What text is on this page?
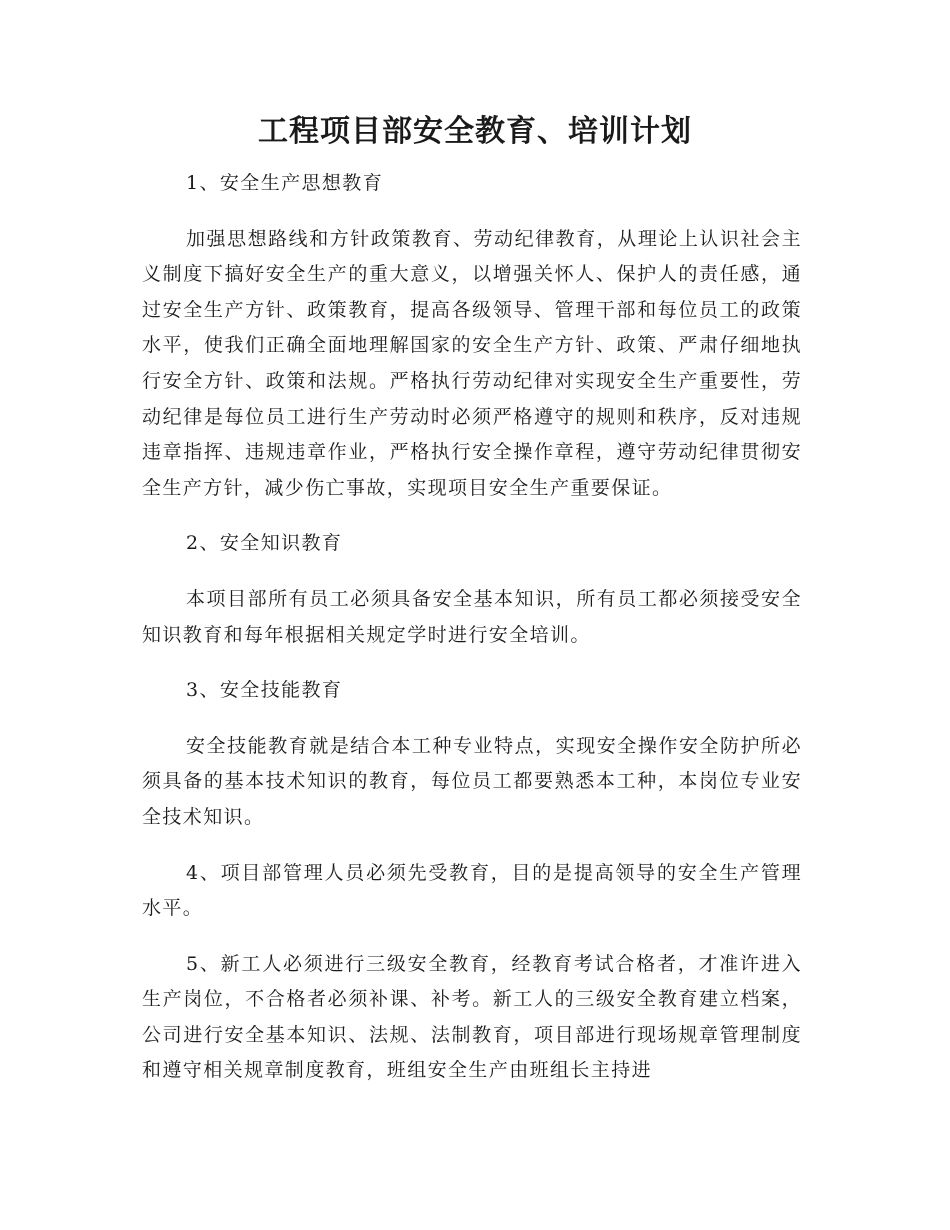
工程项目部安全教育、培训计划

1、安全生产思想教育

加强思想路线和方针政策教育、劳动纪律教育，从理论上认识社会主义制度下搞好安全生产的重大意义，以增强关怀人、保护人的责任感，通过安全生产方针、政策教育，提高各级领导、管理干部和每位员工的政策水平，使我们正确全面地理解国家的安全生产方针、政策、严肃仔细地执行安全方针、政策和法规。严格执行劳动纪律对实现安全生产重要性，劳动纪律是每位员工进行生产劳动时必须严格遵守的规则和秩序，反对违规违章指挥、违规违章作业，严格执行安全操作章程，遵守劳动纪律贯彻安全生产方针，减少伤亡事故，实现项目安全生产重要保证。

2、安全知识教育

本项目部所有员工必须具备安全基本知识，所有员工都必须接受安全知识教育和每年根据相关规定学时进行安全培训。

3、安全技能教育

安全技能教育就是结合本工种专业特点，实现安全操作安全防护所必须具备的基本技术知识的教育，每位员工都要熟悉本工种，本岗位专业安全技术知识。

4、项目部管理人员必须先受教育，目的是提高领导的安全生产管理水平。

5、新工人必须进行三级安全教育，经教育考试合格者，才准许进入生产岗位，不合格者必须补课、补考。新工人的三级安全教育建立档案，公司进行安全基本知识、法规、法制教育，项目部进行现场规章管理制度和遵守相关规章制度教育，班组安全生产由班组长主持进
